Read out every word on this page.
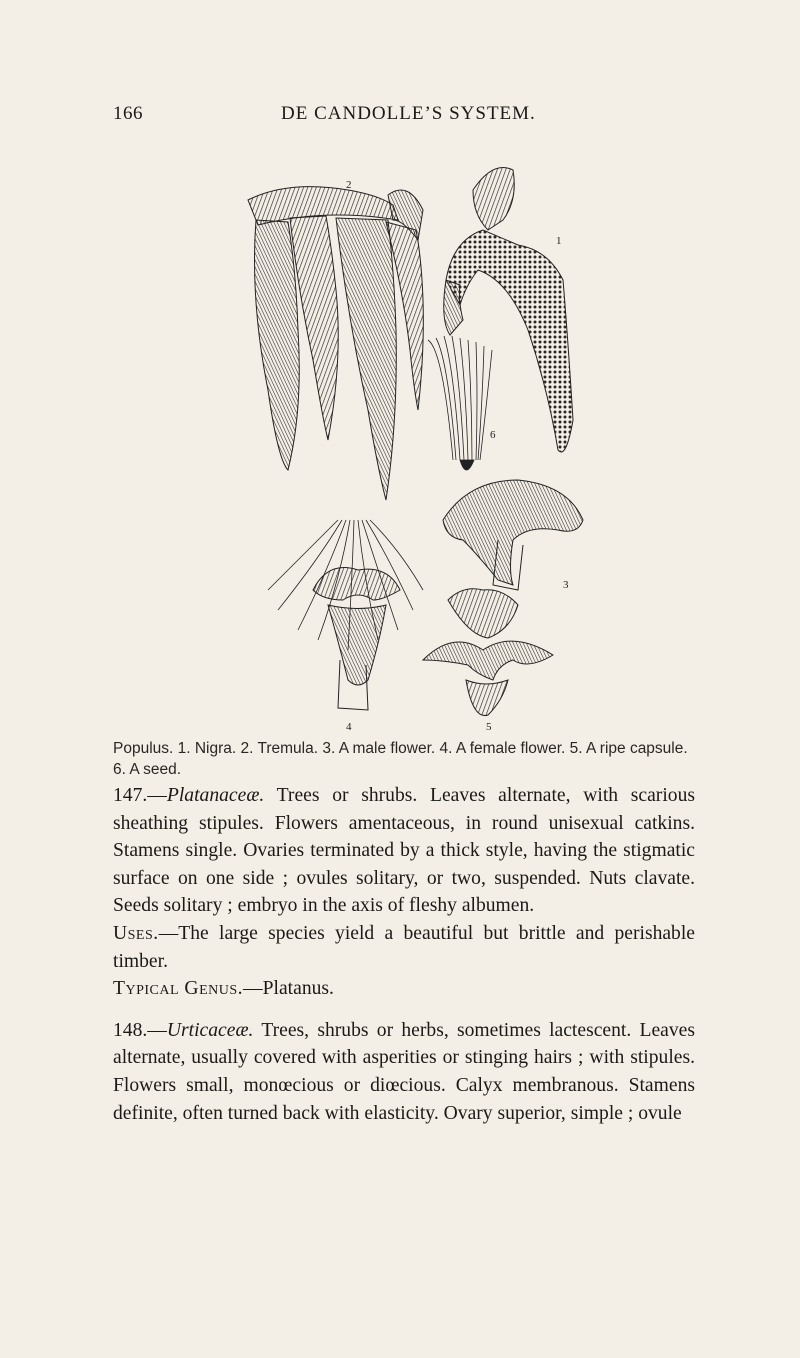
166	DE CANDOLLE’S SYSTEM.
2
1
6
3
4	5
Populus. 1. Nigra. 2. Tremula. 3. A male flower. 4. A female flower. 5. A ripe capsule. 6. A seed.

147.—Platanaceæ. Trees or shrubs. Leaves alternate, with scarious sheathing stipules. Flowers amentaceous, in round unisexual catkins. Stamens single. Ovaries terminated by a thick style, having the stigmatic surface on one side ; ovules solitary, or two, suspended. Nuts clavate. Seeds solitary ; embryo in the axis of fleshy albumen.

Uses.—The large species yield a beautiful but brittle and perishable timber.

Typical Genus.—Platanus.

148.—Urticaceæ. Trees, shrubs or herbs, sometimes lactescent. Leaves alternate, usually covered with asperities or stinging hairs ; with stipules. Flowers small, monœcious or diœcious. Calyx membranous. Stamens definite, often turned back with elasticity. Ovary superior, simple ; ovule
